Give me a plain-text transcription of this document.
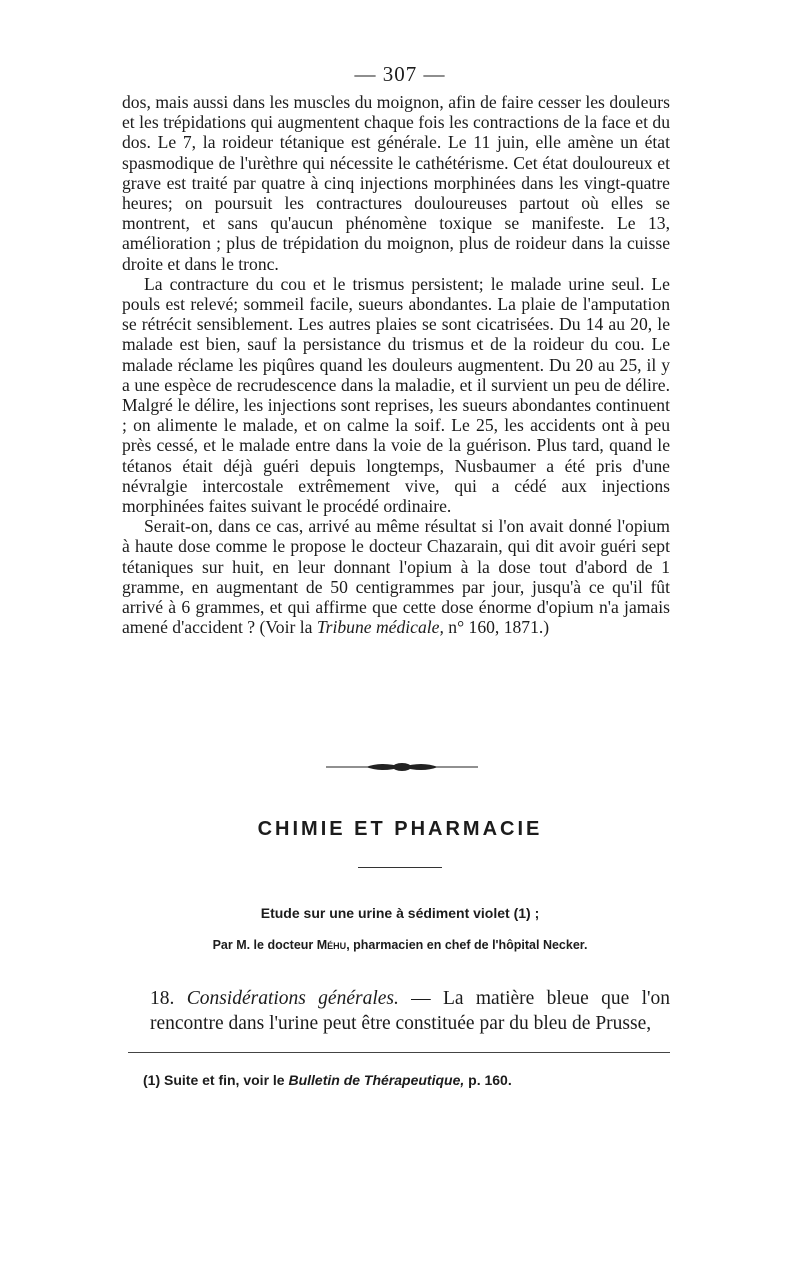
— 307 —

dos, mais aussi dans les muscles du moignon, afin de faire cesser les douleurs et les trépidations qui augmentent chaque fois les contractions de la face et du dos. Le 7, la roideur tétanique est générale. Le 11 juin, elle amène un état spasmodique de l'urèthre qui nécessite le cathétérisme. Cet état douloureux et grave est traité par quatre à cinq injections morphinées dans les vingt-quatre heures; on poursuit les contractures douloureuses partout où elles se montrent, et sans qu'aucun phénomène toxique se manifeste. Le 13, amélioration ; plus de trépidation du moignon, plus de roideur dans la cuisse droite et dans le tronc.

La contracture du cou et le trismus persistent; le malade urine seul. Le pouls est relevé; sommeil facile, sueurs abondantes. La plaie de l'amputation se rétrécit sensiblement. Les autres plaies se sont cicatrisées. Du 14 au 20, le malade est bien, sauf la persistance du trismus et de la roideur du cou. Le malade réclame les piqûres quand les douleurs augmentent. Du 20 au 25, il y a une espèce de recrudescence dans la maladie, et il survient un peu de délire. Malgré le délire, les injections sont reprises, les sueurs abondantes continuent ; on alimente le malade, et on calme la soif. Le 25, les accidents ont à peu près cessé, et le malade entre dans la voie de la guérison. Plus tard, quand le tétanos était déjà guéri depuis longtemps, Nusbaumer a été pris d'une névralgie intercostale extrêmement vive, qui a cédé aux injections morphinées faites suivant le procédé ordinaire.

Serait-on, dans ce cas, arrivé au même résultat si l'on avait donné l'opium à haute dose comme le propose le docteur Chazarain, qui dit avoir guéri sept tétaniques sur huit, en leur donnant l'opium à la dose tout d'abord de 1 gramme, en augmentant de 50 centigrammes par jour, jusqu'à ce qu'il fût arrivé à 6 grammes, et qui affirme que cette dose énorme d'opium n'a jamais amené d'accident ? (Voir la Tribune médicale, n° 160, 1871.)

CHIMIE ET PHARMACIE
Etude sur une urine à sédiment violet (1) ;
Par M. le docteur Méhu, pharmacien en chef de l'hôpital Necker.
18. Considérations générales. — La matière bleue que l'on rencontre dans l'urine peut être constituée par du bleu de Prusse,
(1) Suite et fin, voir le Bulletin de Thérapeutique, p. 160.
